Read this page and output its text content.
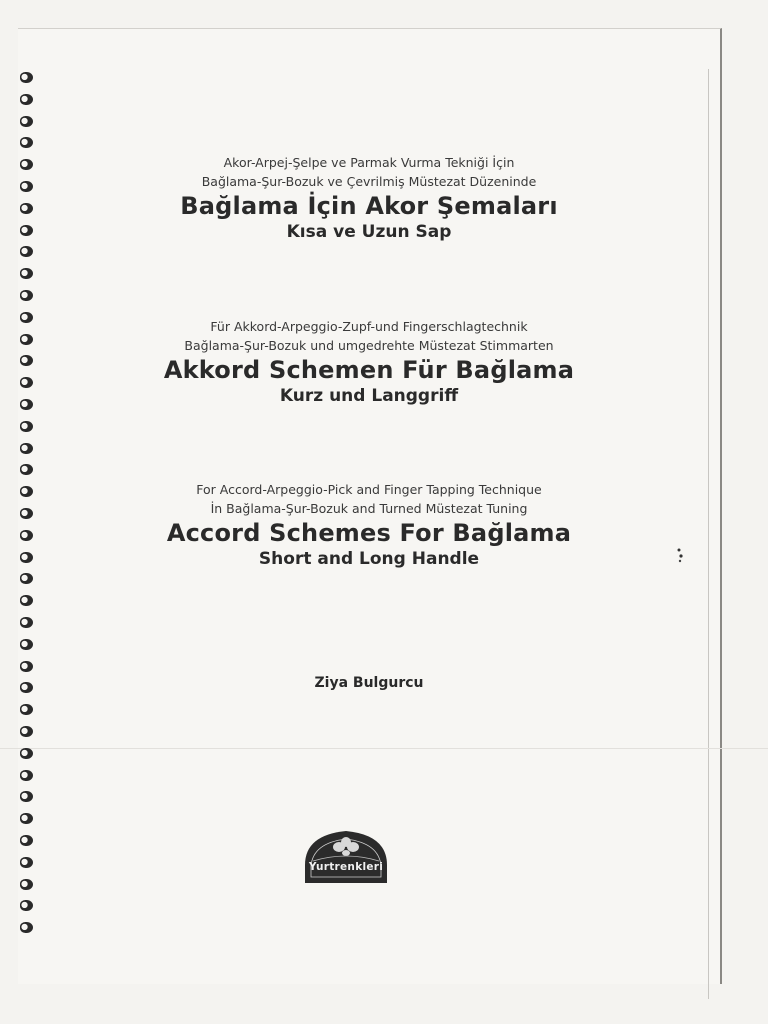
Akor-Arpej-Şelpe ve Parmak Vurma Tekniği İçin
Bağlama-Şur-Bozuk ve Çevrilmiş Müstezat Düzeninde
Bağlama İçin Akor Şemaları
Kısa ve Uzun Sap
Für Akkord-Arpeggio-Zupf-und Fingerschlagtechnik
Bağlama-Şur-Bozuk und umgedrehte Müstezat Stimmarten
Akkord Schemen Für Bağlama
Kurz und Langgriff
For Accord-Arpeggio-Pick and Finger Tapping Technique
İn Bağlama-Şur-Bozuk and Turned Müstezat Tuning
Accord Schemes For Bağlama
Short and Long Handle
Ziya Bulgurcu
Yurtrenkleri
